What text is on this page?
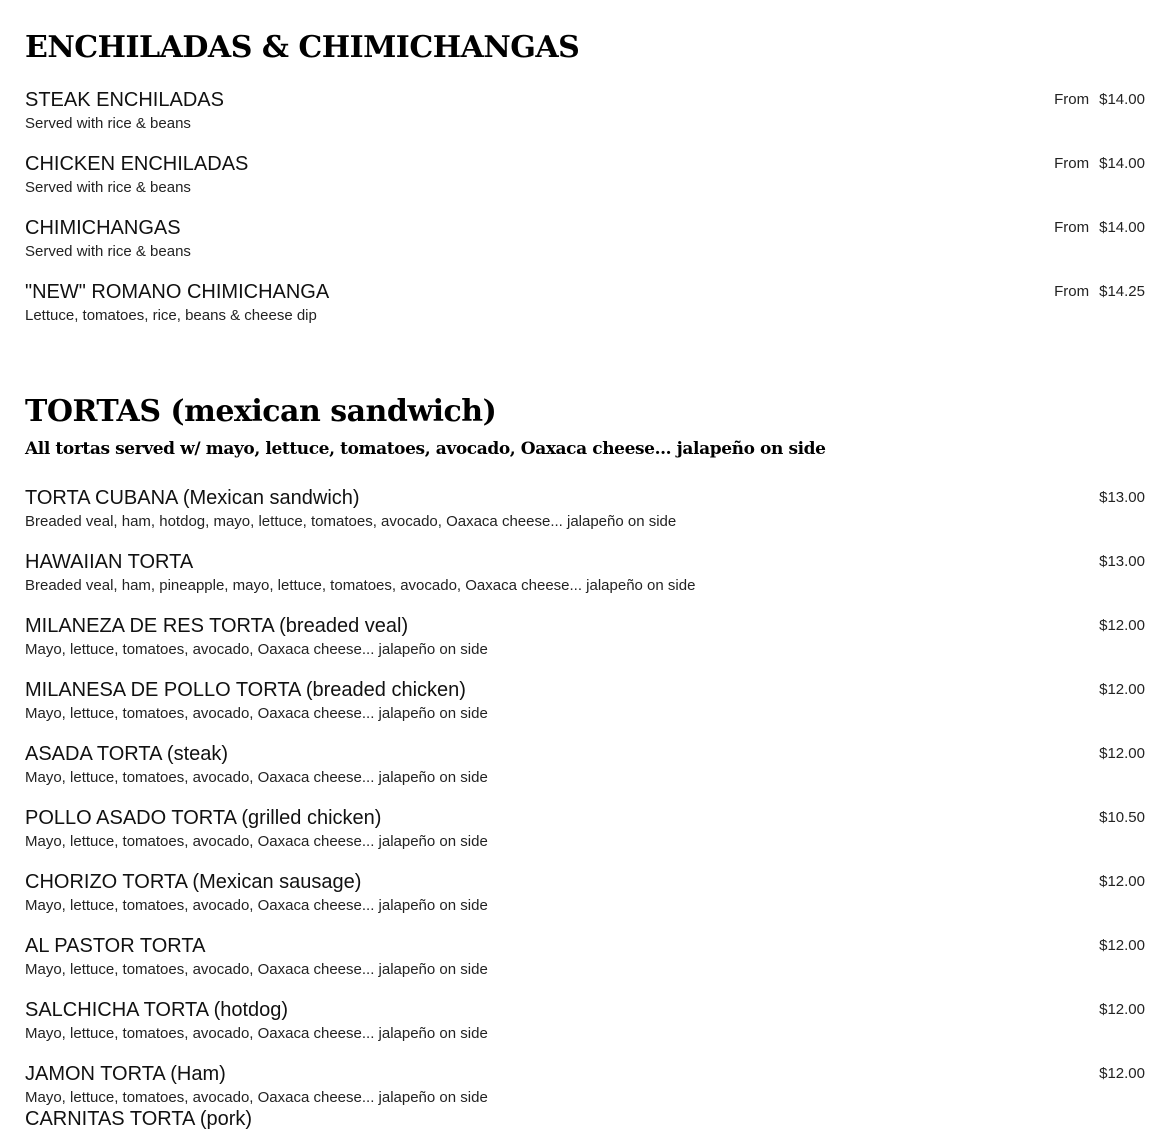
ENCHILADAS & CHIMICHANGAS
STEAK ENCHILADAS
Served with rice & beans
From $14.00
CHICKEN ENCHILADAS
Served with rice & beans
From $14.00
CHIMICHANGAS
Served with rice & beans
From $14.00
"NEW" ROMANO CHIMICHANGA
Lettuce, tomatoes, rice, beans & cheese dip
From $14.25
TORTAS (mexican sandwich)

All tortas served w/ mayo, lettuce, tomatoes, avocado, Oaxaca cheese... jalapeño on side

TORTA CUBANA (Mexican sandwich)
Breaded veal, ham, hotdog, mayo, lettuce, tomatoes, avocado, Oaxaca cheese... jalapeño on side
$13.00
HAWAIIAN TORTA
Breaded veal, ham, pineapple, mayo, lettuce, tomatoes, avocado, Oaxaca cheese... jalapeño on side
$13.00
MILANEZA DE RES TORTA (breaded veal)
Mayo, lettuce, tomatoes, avocado, Oaxaca cheese... jalapeño on side
$12.00
MILANESA DE POLLO TORTA (breaded chicken)
Mayo, lettuce, tomatoes, avocado, Oaxaca cheese... jalapeño on side
$12.00
ASADA TORTA (steak)
Mayo, lettuce, tomatoes, avocado, Oaxaca cheese... jalapeño on side
$12.00
POLLO ASADO TORTA (grilled chicken)
Mayo, lettuce, tomatoes, avocado, Oaxaca cheese... jalapeño on side
$10.50
CHORIZO TORTA (Mexican sausage)
Mayo, lettuce, tomatoes, avocado, Oaxaca cheese... jalapeño on side
$12.00
AL PASTOR TORTA
Mayo, lettuce, tomatoes, avocado, Oaxaca cheese... jalapeño on side
$12.00
SALCHICHA TORTA (hotdog)
Mayo, lettuce, tomatoes, avocado, Oaxaca cheese... jalapeño on side
$12.00
JAMON TORTA (Ham)
Mayo, lettuce, tomatoes, avocado, Oaxaca cheese... jalapeño on side
$12.00
CARNITAS TORTA (pork)
